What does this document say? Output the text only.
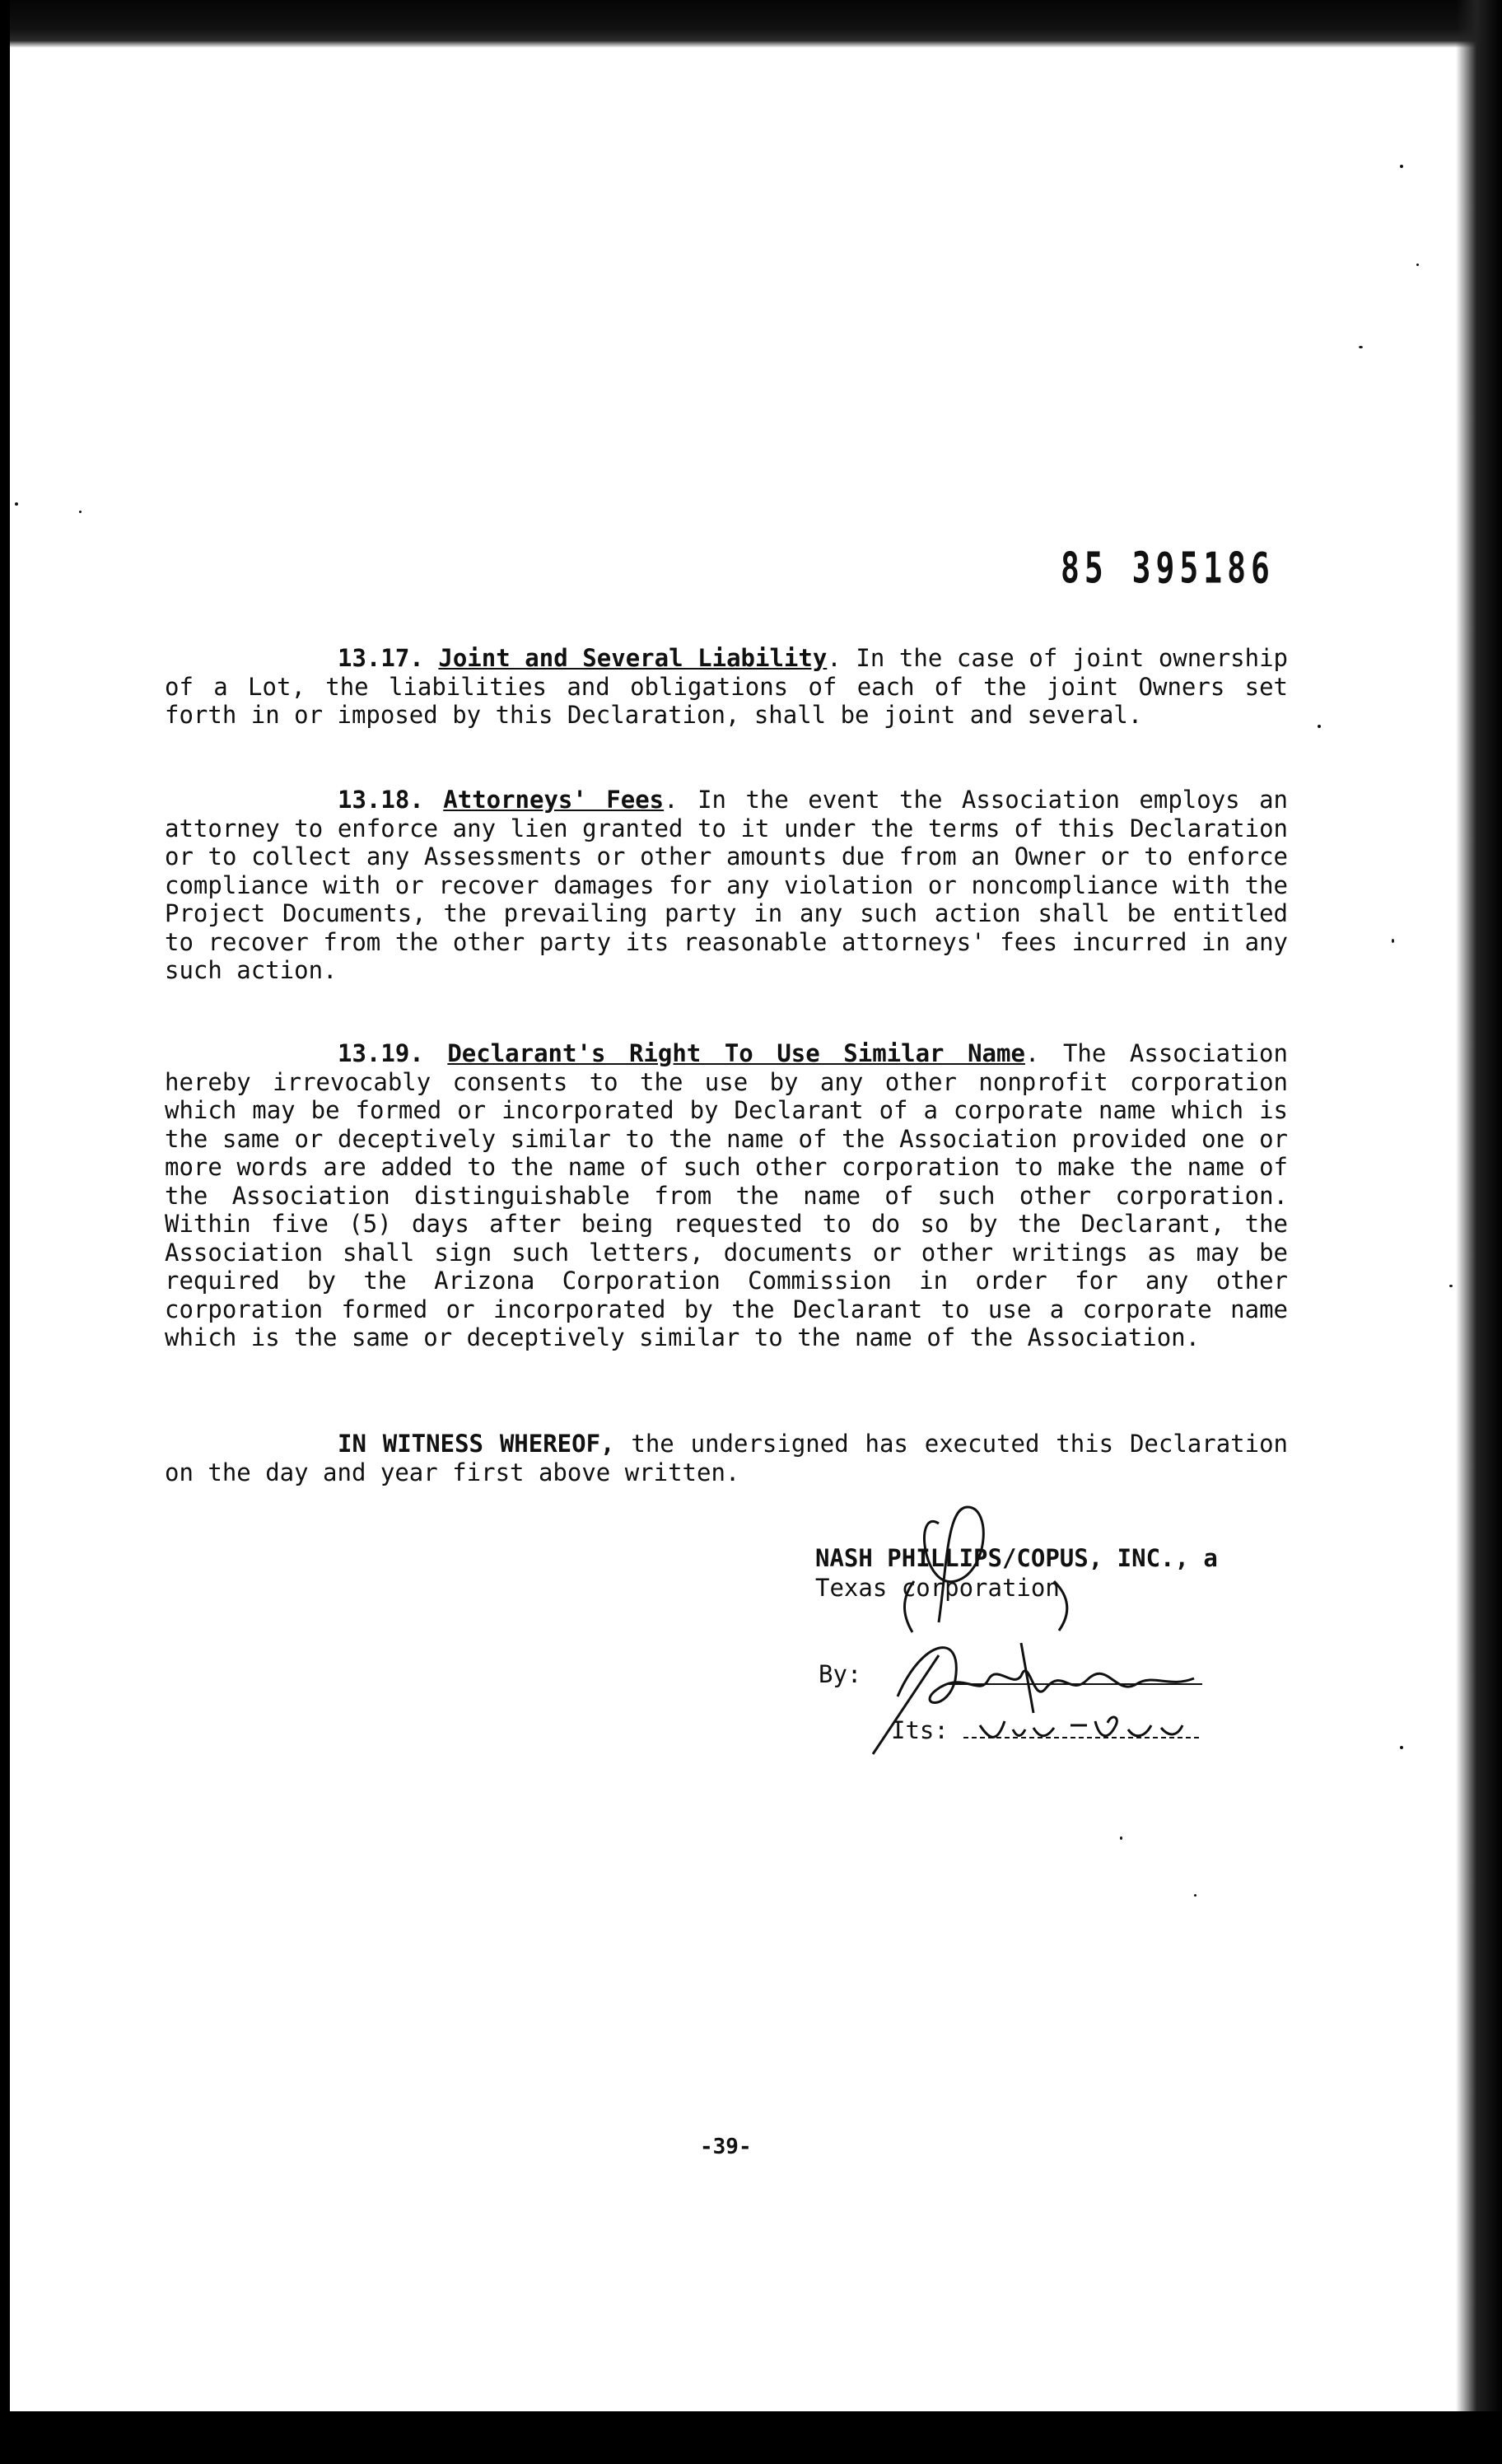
85 395186

13.17. Joint and Several Liability. In the case of joint ownership of a Lot, the liabilities and obligations of each of the joint Owners set forth in or imposed by this Declaration, shall be joint and several.

13.18. Attorneys' Fees. In the event the Association employs an attorney to enforce any lien granted to it under the terms of this Declaration or to collect any Assessments or other amounts due from an Owner or to enforce compliance with or recover damages for any violation or noncompliance with the Project Documents, the prevailing party in any such action shall be entitled to recover from the other party its reasonable attorneys' fees incurred in any such action.

13.19. Declarant's Right To Use Similar Name. The Association hereby irrevocably consents to the use by any other nonprofit corporation which may be formed or incorporated by Declarant of a corporate name which is the same or deceptively similar to the name of the Association provided one or more words are added to the name of such other corporation to make the name of the Association distinguishable from the name of such other corporation. Within five (5) days after being requested to do so by the Declarant, the Association shall sign such letters, documents or other writings as may be required by the Arizona Corporation Commission in order for any other corporation formed or incorporated by the Declarant to use a corporate name which is the same or deceptively similar to the name of the Association.

IN WITNESS WHEREOF, the undersigned has executed this Declaration on the day and year first above written.

NASH PHILLIPS/COPUS, INC., a
Texas corporation
By:
Its:
-39-
